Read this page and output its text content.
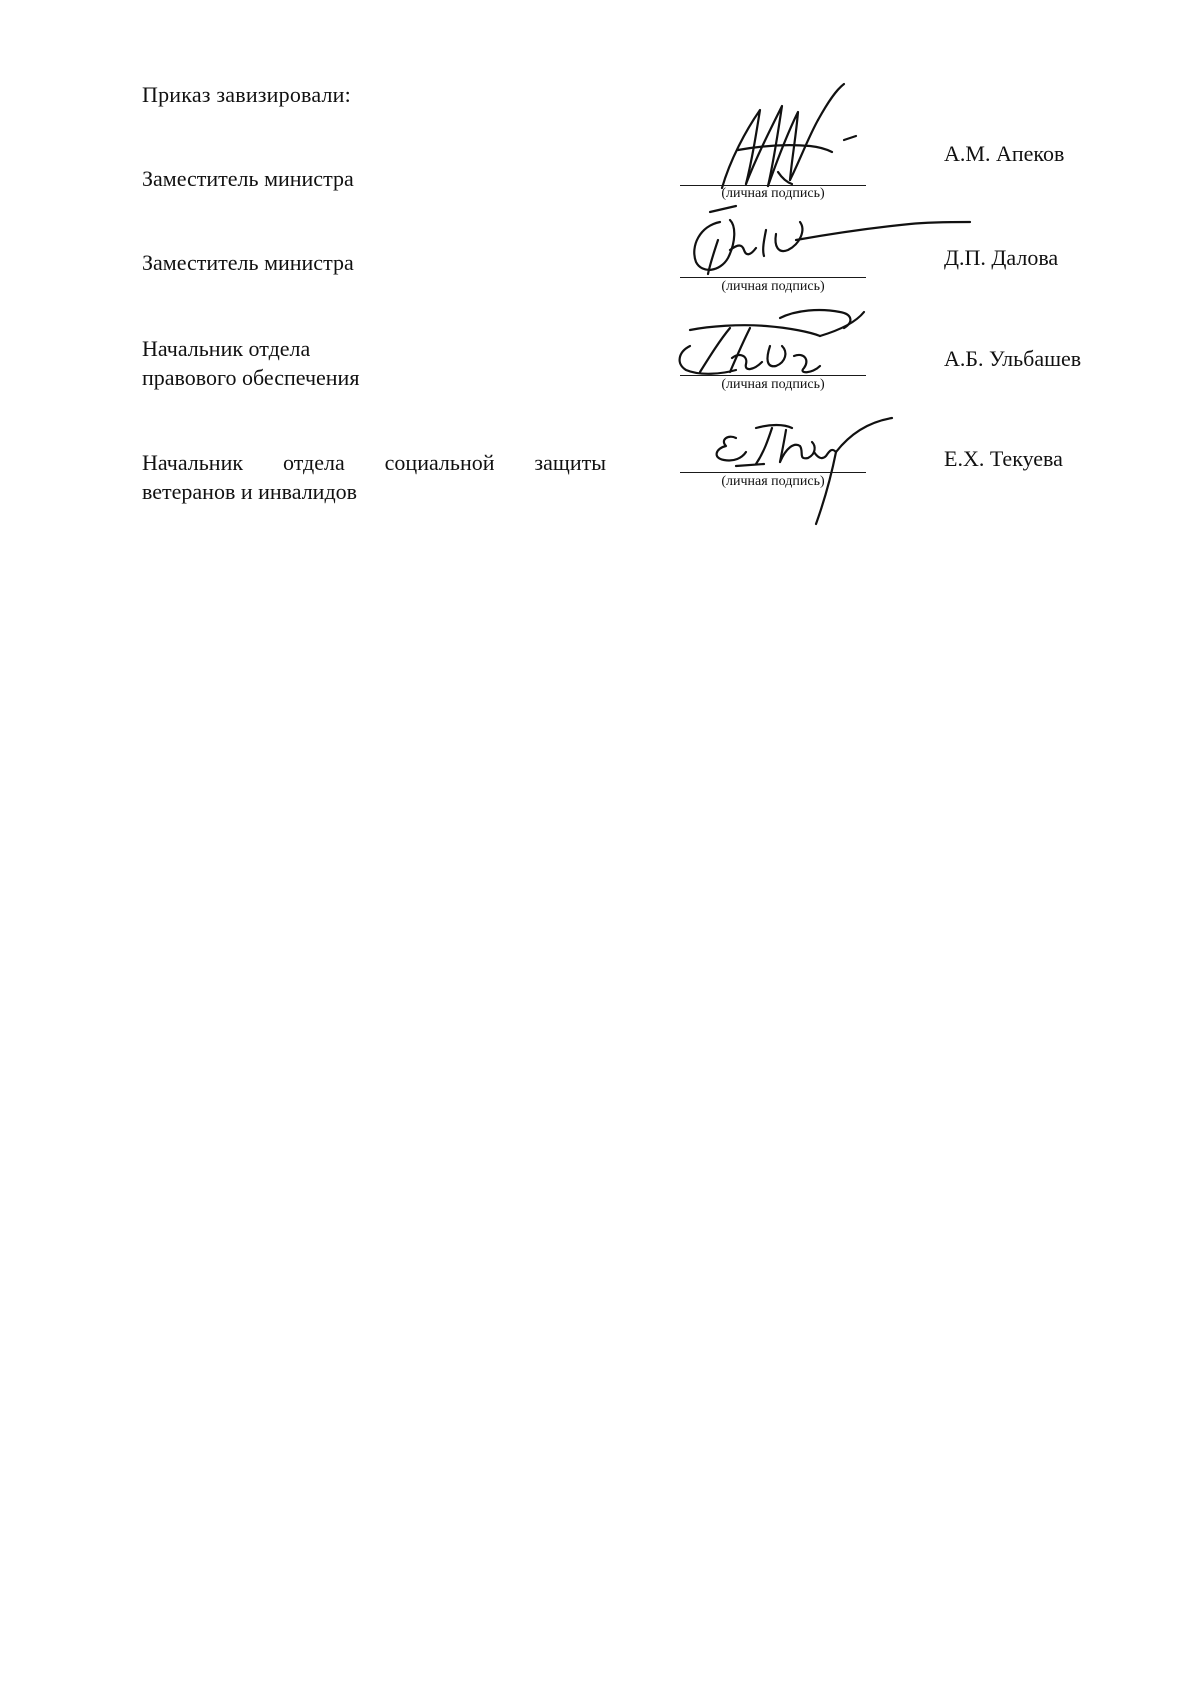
Приказ завизировали:
Заместитель министра
(личная подпись)
А.М. Апеков
Заместитель министра
(личная подпись)
Д.П. Далова
Начальник отдела
правового обеспечения	(личная подпись)
А.Б. Ульбашев
Начальник отдела социальной защиты
ветеранов и инвалидов	(личная подпись)
Е.Х. Текуева
